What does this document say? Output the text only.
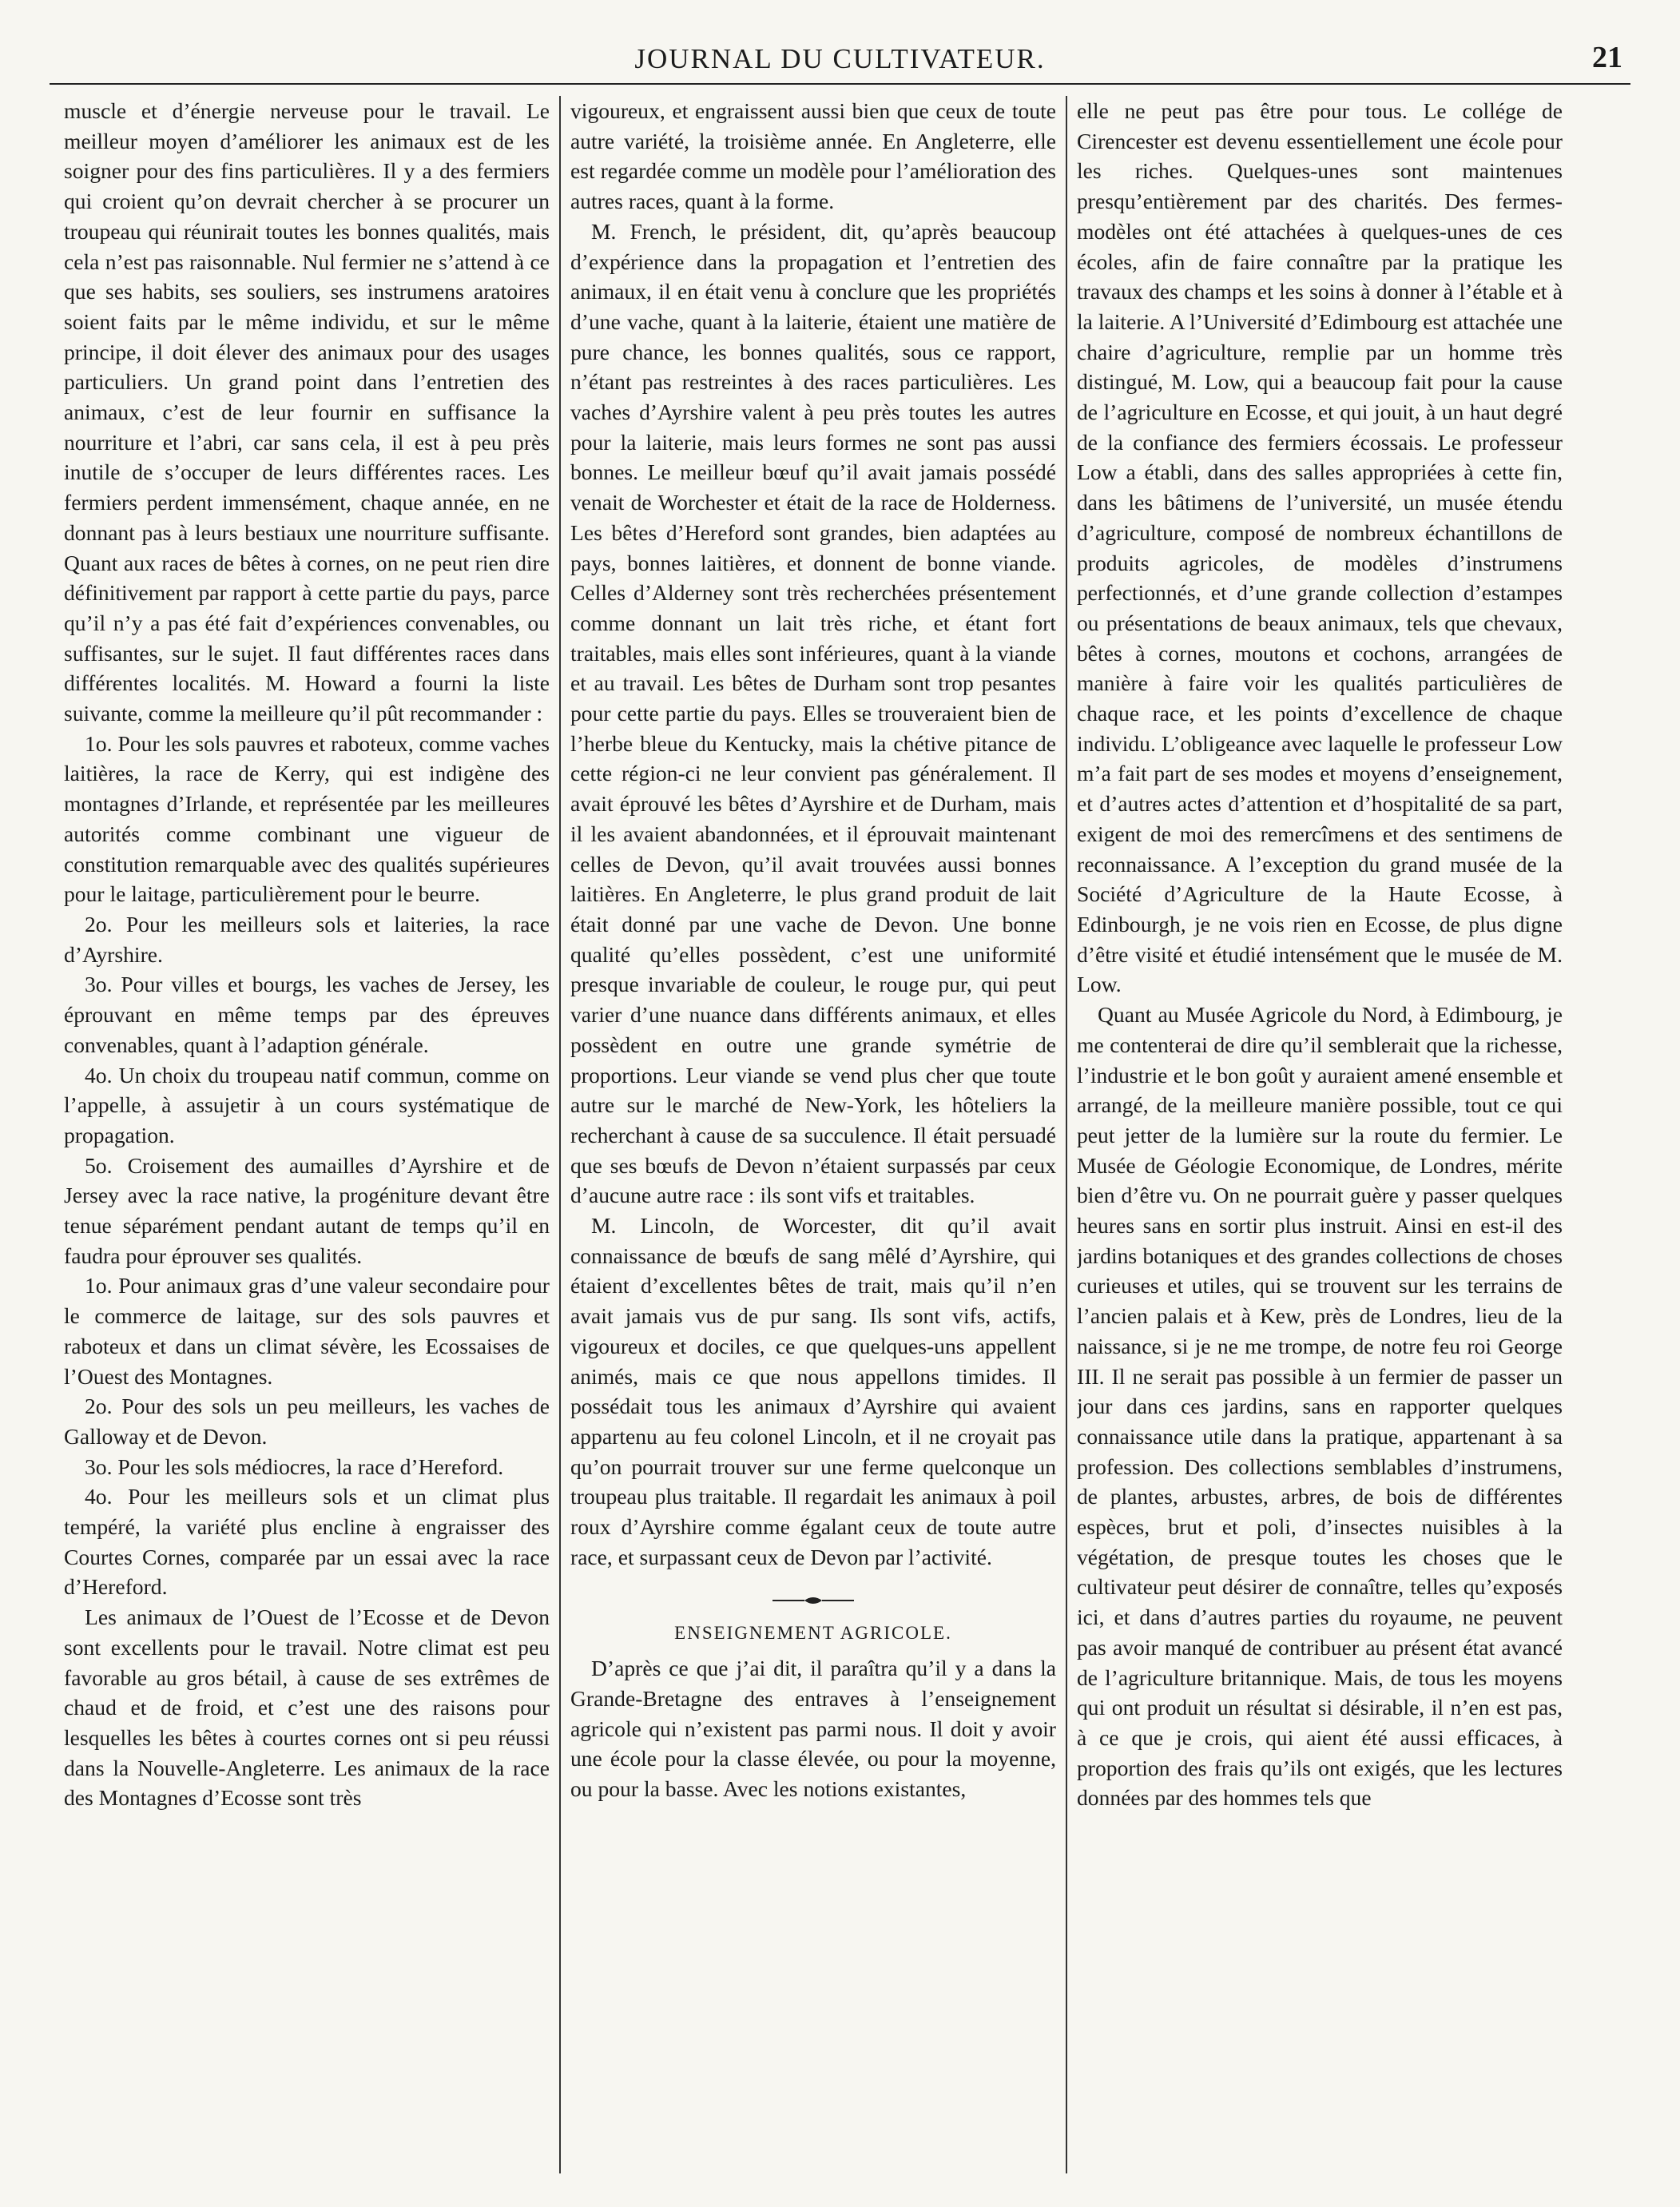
JOURNAL DU CULTIVATEUR.	21

muscle et d’énergie nerveuse pour le travail. Le meilleur moyen d’améliorer les animaux est de les soigner pour des fins particulières. Il y a des fermiers qui croient qu’on devrait chercher à se procurer un troupeau qui réunirait toutes les bonnes qualités, mais cela n’est pas raisonnable. Nul fermier ne s’attend à ce que ses habits, ses souliers, ses instrumens aratoires soient faits par le même individu, et sur le même principe, il doit élever des animaux pour des usages particuliers. Un grand point dans l’entretien des animaux, c’est de leur fournir en suffisance la nourriture et l’abri, car sans cela, il est à peu près inutile de s’occuper de leurs différentes races. Les fermiers perdent immensément, chaque année, en ne donnant pas à leurs bestiaux une nourriture suffisante. Quant aux races de bêtes à cornes, on ne peut rien dire définitivement par rapport à cette partie du pays, parce qu’il n’y a pas été fait d’expériences convenables, ou suffisantes, sur le sujet. Il faut différentes races dans différentes localités. M. Howard a fourni la liste suivante, comme la meilleure qu’il pût recommander :

1o. Pour les sols pauvres et raboteux, comme vaches laitières, la race de Kerry, qui est indigène des montagnes d’Irlande, et représentée par les meilleures autorités comme combinant une vigueur de constitution remarquable avec des qualités supérieures pour le laitage, particulièrement pour le beurre.

2o. Pour les meilleurs sols et laiteries, la race d’Ayrshire.

3o. Pour villes et bourgs, les vaches de Jersey, les éprouvant en même temps par des épreuves convenables, quant à l’adaption générale.

4o. Un choix du troupeau natif commun, comme on l’appelle, à assujetir à un cours systématique de propagation.

5o. Croisement des aumailles d’Ayrshire et de Jersey avec la race native, la progéniture devant être tenue séparément pendant autant de temps qu’il en faudra pour éprouver ses qualités.

1o. Pour animaux gras d’une valeur secondaire pour le commerce de laitage, sur des sols pauvres et raboteux et dans un climat sévère, les Ecossaises de l’Ouest des Montagnes.

2o. Pour des sols un peu meilleurs, les vaches de Galloway et de Devon.

3o. Pour les sols médiocres, la race d’Hereford.

4o. Pour les meilleurs sols et un climat plus tempéré, la variété plus encline à engraisser des Courtes Cornes, comparée par un essai avec la race d’Hereford.

Les animaux de l’Ouest de l’Ecosse et de Devon sont excellents pour le travail. Notre climat est peu favorable au gros bétail, à cause de ses extrêmes de chaud et de froid, et c’est une des raisons pour lesquelles les bêtes à courtes cornes ont si peu réussi dans la Nouvelle-Angleterre. Les animaux de la race des Montagnes d’Ecosse sont très

vigoureux, et engraissent aussi bien que ceux de toute autre variété, la troisième année. En Angleterre, elle est regardée comme un modèle pour l’amélioration des autres races, quant à la forme.

M. French, le président, dit, qu’après beaucoup d’expérience dans la propagation et l’entretien des animaux, il en était venu à conclure que les propriétés d’une vache, quant à la laiterie, étaient une matière de pure chance, les bonnes qualités, sous ce rapport, n’étant pas restreintes à des races particulières. Les vaches d’Ayrshire valent à peu près toutes les autres pour la laiterie, mais leurs formes ne sont pas aussi bonnes. Le meilleur bœuf qu’il avait jamais possédé venait de Worchester et était de la race de Holderness. Les bêtes d’Hereford sont grandes, bien adaptées au pays, bonnes laitières, et donnent de bonne viande. Celles d’Alderney sont très recherchées présentement comme donnant un lait très riche, et étant fort traitables, mais elles sont inférieures, quant à la viande et au travail. Les bêtes de Durham sont trop pesantes pour cette partie du pays. Elles se trouveraient bien de l’herbe bleue du Kentucky, mais la chétive pitance de cette région-ci ne leur convient pas généralement. Il avait éprouvé les bêtes d’Ayrshire et de Durham, mais il les avaient abandonnées, et il éprouvait maintenant celles de Devon, qu’il avait trouvées aussi bonnes laitières. En Angleterre, le plus grand produit de lait était donné par une vache de Devon. Une bonne qualité qu’elles possèdent, c’est une uniformité presque invariable de couleur, le rouge pur, qui peut varier d’une nuance dans différents animaux, et elles possèdent en outre une grande symétrie de proportions. Leur viande se vend plus cher que toute autre sur le marché de New-York, les hôteliers la recherchant à cause de sa succulence. Il était persuadé que ses bœufs de Devon n’étaient surpassés par ceux d’aucune autre race : ils sont vifs et traitables.

M. Lincoln, de Worcester, dit qu’il avait connaissance de bœufs de sang mêlé d’Ayrshire, qui étaient d’excellentes bêtes de trait, mais qu’il n’en avait jamais vus de pur sang. Ils sont vifs, actifs, vigoureux et dociles, ce que quelques-uns appellent animés, mais ce que nous appellons timides. Il possédait tous les animaux d’Ayrshire qui avaient appartenu au feu colonel Lincoln, et il ne croyait pas qu’on pourrait trouver sur une ferme quelconque un troupeau plus traitable. Il regardait les animaux à poil roux d’Ayrshire comme égalant ceux de toute autre race, et surpassant ceux de Devon par l’activité.

ENSEIGNEMENT AGRICOLE.

D’après ce que j’ai dit, il paraîtra qu’il y a dans la Grande-Bretagne des entraves à l’enseignement agricole qui n’existent pas parmi nous. Il doit y avoir une école pour la classe élevée, ou pour la moyenne, ou pour la basse. Avec les notions existantes,

elle ne peut pas être pour tous. Le collége de Cirencester est devenu essentiellement une école pour les riches. Quelques-unes sont maintenues presqu’entièrement par des charités. Des fermes-modèles ont été attachées à quelques-unes de ces écoles, afin de faire connaître par la pratique les travaux des champs et les soins à donner à l’étable et à la laiterie. A l’Université d’Edimbourg est attachée une chaire d’agriculture, remplie par un homme très distingué, M. Low, qui a beaucoup fait pour la cause de l’agriculture en Ecosse, et qui jouit, à un haut degré de la confiance des fermiers écossais. Le professeur Low a établi, dans des salles appropriées à cette fin, dans les bâtimens de l’université, un musée étendu d’agriculture, composé de nombreux échantillons de produits agricoles, de modèles d’instrumens perfectionnés, et d’une grande collection d’estampes ou présentations de beaux animaux, tels que chevaux, bêtes à cornes, moutons et cochons, arrangées de manière à faire voir les qualités particulières de chaque race, et les points d’excellence de chaque individu. L’obligeance avec laquelle le professeur Low m’a fait part de ses modes et moyens d’enseignement, et d’autres actes d’attention et d’hospitalité de sa part, exigent de moi des remercîmens et des sentimens de reconnaissance. A l’exception du grand musée de la Société d’Agriculture de la Haute Ecosse, à Edinbourgh, je ne vois rien en Ecosse, de plus digne d’être visité et étudié intensément que le musée de M. Low.

Quant au Musée Agricole du Nord, à Edimbourg, je me contenterai de dire qu’il semblerait que la richesse, l’industrie et le bon goût y auraient amené ensemble et arrangé, de la meilleure manière possible, tout ce qui peut jetter de la lumière sur la route du fermier. Le Musée de Géologie Economique, de Londres, mérite bien d’être vu. On ne pourrait guère y passer quelques heures sans en sortir plus instruit. Ainsi en est-il des jardins botaniques et des grandes collections de choses curieuses et utiles, qui se trouvent sur les terrains de l’ancien palais et à Kew, près de Londres, lieu de la naissance, si je ne me trompe, de notre feu roi George III. Il ne serait pas possible à un fermier de passer un jour dans ces jardins, sans en rapporter quelques connaissance utile dans la pratique, appartenant à sa profession. Des collections semblables d’instrumens, de plantes, arbustes, arbres, de bois de différentes espèces, brut et poli, d’insectes nuisibles à la végétation, de presque toutes les choses que le cultivateur peut désirer de connaître, telles qu’exposés ici, et dans d’autres parties du royaume, ne peuvent pas avoir manqué de contribuer au présent état avancé de l’agriculture britannique. Mais, de tous les moyens qui ont produit un résultat si désirable, il n’en est pas, à ce que je crois, qui aient été aussi efficaces, à proportion des frais qu’ils ont exigés, que les lectures données par des hommes tels que
